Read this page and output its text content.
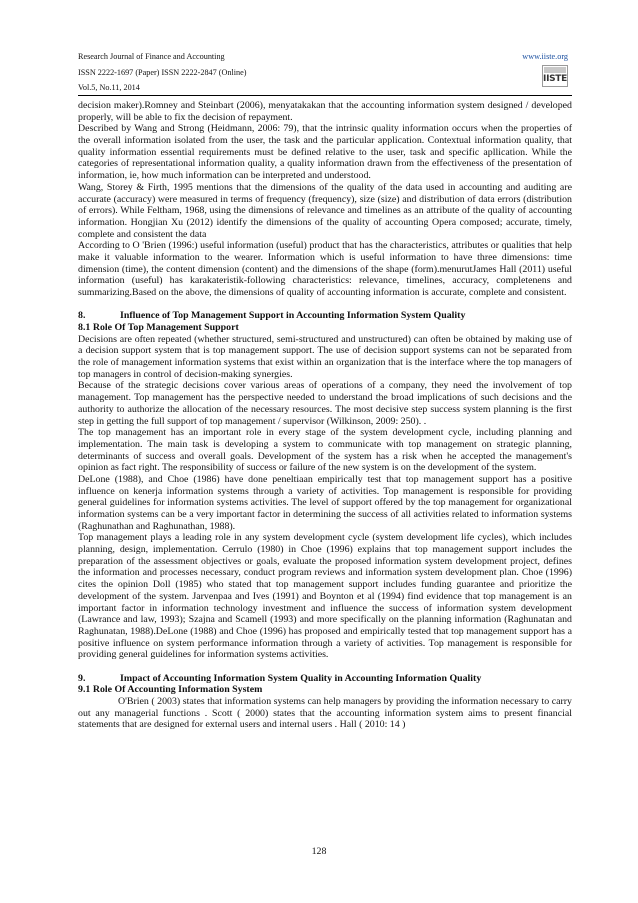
Research Journal of Finance and Accounting
ISSN 2222-1697 (Paper) ISSN 2222-2847 (Online)
Vol.5, No.11, 2014
www.iiste.org
IISTE

decision maker).Romney and Steinbart (2006), menyatakakan that the accounting information system designed / developed properly, will be able to fix the decision of repayment.

Described by Wang and Strong (Heidmann, 2006: 79), that the intrinsic quality information occurs when the properties of the overall information isolated from the user, the task and the particular application. Contextual information quality, that quality information essential requirements must be defined relative to the user, task and specific apllication. While the categories of representational information quality, a quality information drawn from the effectiveness of the presentation of information, ie, how much information can be interpreted and understood.

Wang, Storey & Firth, 1995 mentions that the dimensions of the quality of the data used in accounting and auditing are accurate (accuracy) were measured in terms of frequency (frequency), size (size) and distribution of data errors (distribution of errors). While Feltham, 1968, using the dimensions of relevance and timelines as an attribute of the quality of accounting information. Hongjian Xu (2012) identify the dimensions of the quality of accounting Opera composed; accurate, timely, complete and consistent the data

According to O 'Brien (1996:) useful information (useful) product that has the characteristics, attributes or qualities that help make it valuable information to the wearer. Information which is useful information to have three dimensions: time dimension (time), the content dimension (content) and the dimensions of the shape (form).menurutJames Hall (2011) useful information (useful) has karakateristik-following characteristics: relevance, timelines, accuracy, completenens and summarizing.Based on the above, the dimensions of quality of accounting information is accurate, complete and consistent.

8.	Influence of Top Management Support in Accounting Information System Quality

8.1 Role Of Top Management Support

Decisions are often repeated (whether structured, semi-structured and unstructured) can often be obtained by making use of a decision support system that is top management support. The use of decision support systems can not be separated from the role of management information systems that exist within an organization that is the interface where the top managers of top managers in control of decision-making synergies.

Because of the strategic decisions cover various areas of operations of a company, they need the involvement of top management. Top management has the perspective needed to understand the broad implications of such decisions and the authority to authorize the allocation of the necessary resources. The most decisive step success system planning is the first step in getting the full support of top management / supervisor (Wilkinson, 2009: 250). .

The top management has an important role in every stage of the system development cycle, including planning and implementation. The main task is developing a system to communicate with top management on strategic planning, determinants of success and overall goals. Development of the system has a risk when he accepted the management's opinion as fact right. The responsibility of success or failure of the new system is on the development of the system.

DeLone (1988), and Choe (1986) have done peneltiaan empirically test that top management support has a positive influence on kenerja information systems through a variety of activities. Top management is responsible for providing general guidelines for information systems activities. The level of support offered by the top management for organizational information systems can be a very important factor in determining the success of all activities related to information systems (Raghunathan and Raghunathan, 1988).

Top management plays a leading role in any system development cycle (system development life cycles), which includes planning, design, implementation. Cerrulo (1980) in Choe (1996) explains that top management support includes the preparation of the assessment objectives or goals, evaluate the proposed information system development project, defines the information and processes necessary, conduct program reviews and information system development plan. Choe (1996) cites the opinion Doll (1985) who stated that top management support includes funding guarantee and prioritize the development of the system. Jarvenpaa and Ives (1991) and Boynton et al (1994) find evidence that top management is an important factor in information technology investment and influence the success of information system development (Lawrance and law, 1993); Szajna and Scamell (1993) and more specifically on the planning information (Raghunatan and Raghunatan, 1988).DeLone (1988) and Choe (1996) has proposed and empirically tested that top management support has a positive influence on system performance information through a variety of activities. Top management is responsible for providing general guidelines for information systems activities.

9.	Impact of Accounting Information System Quality in Accounting Information Quality

9.1 Role Of Accounting Information System

O'Brien ( 2003) states that information systems can help managers by providing the information necessary to carry out any managerial functions . Scott ( 2000) states that the accounting information system aims to present financial statements that are designed for external users and internal users . Hall ( 2010: 14 )

128
